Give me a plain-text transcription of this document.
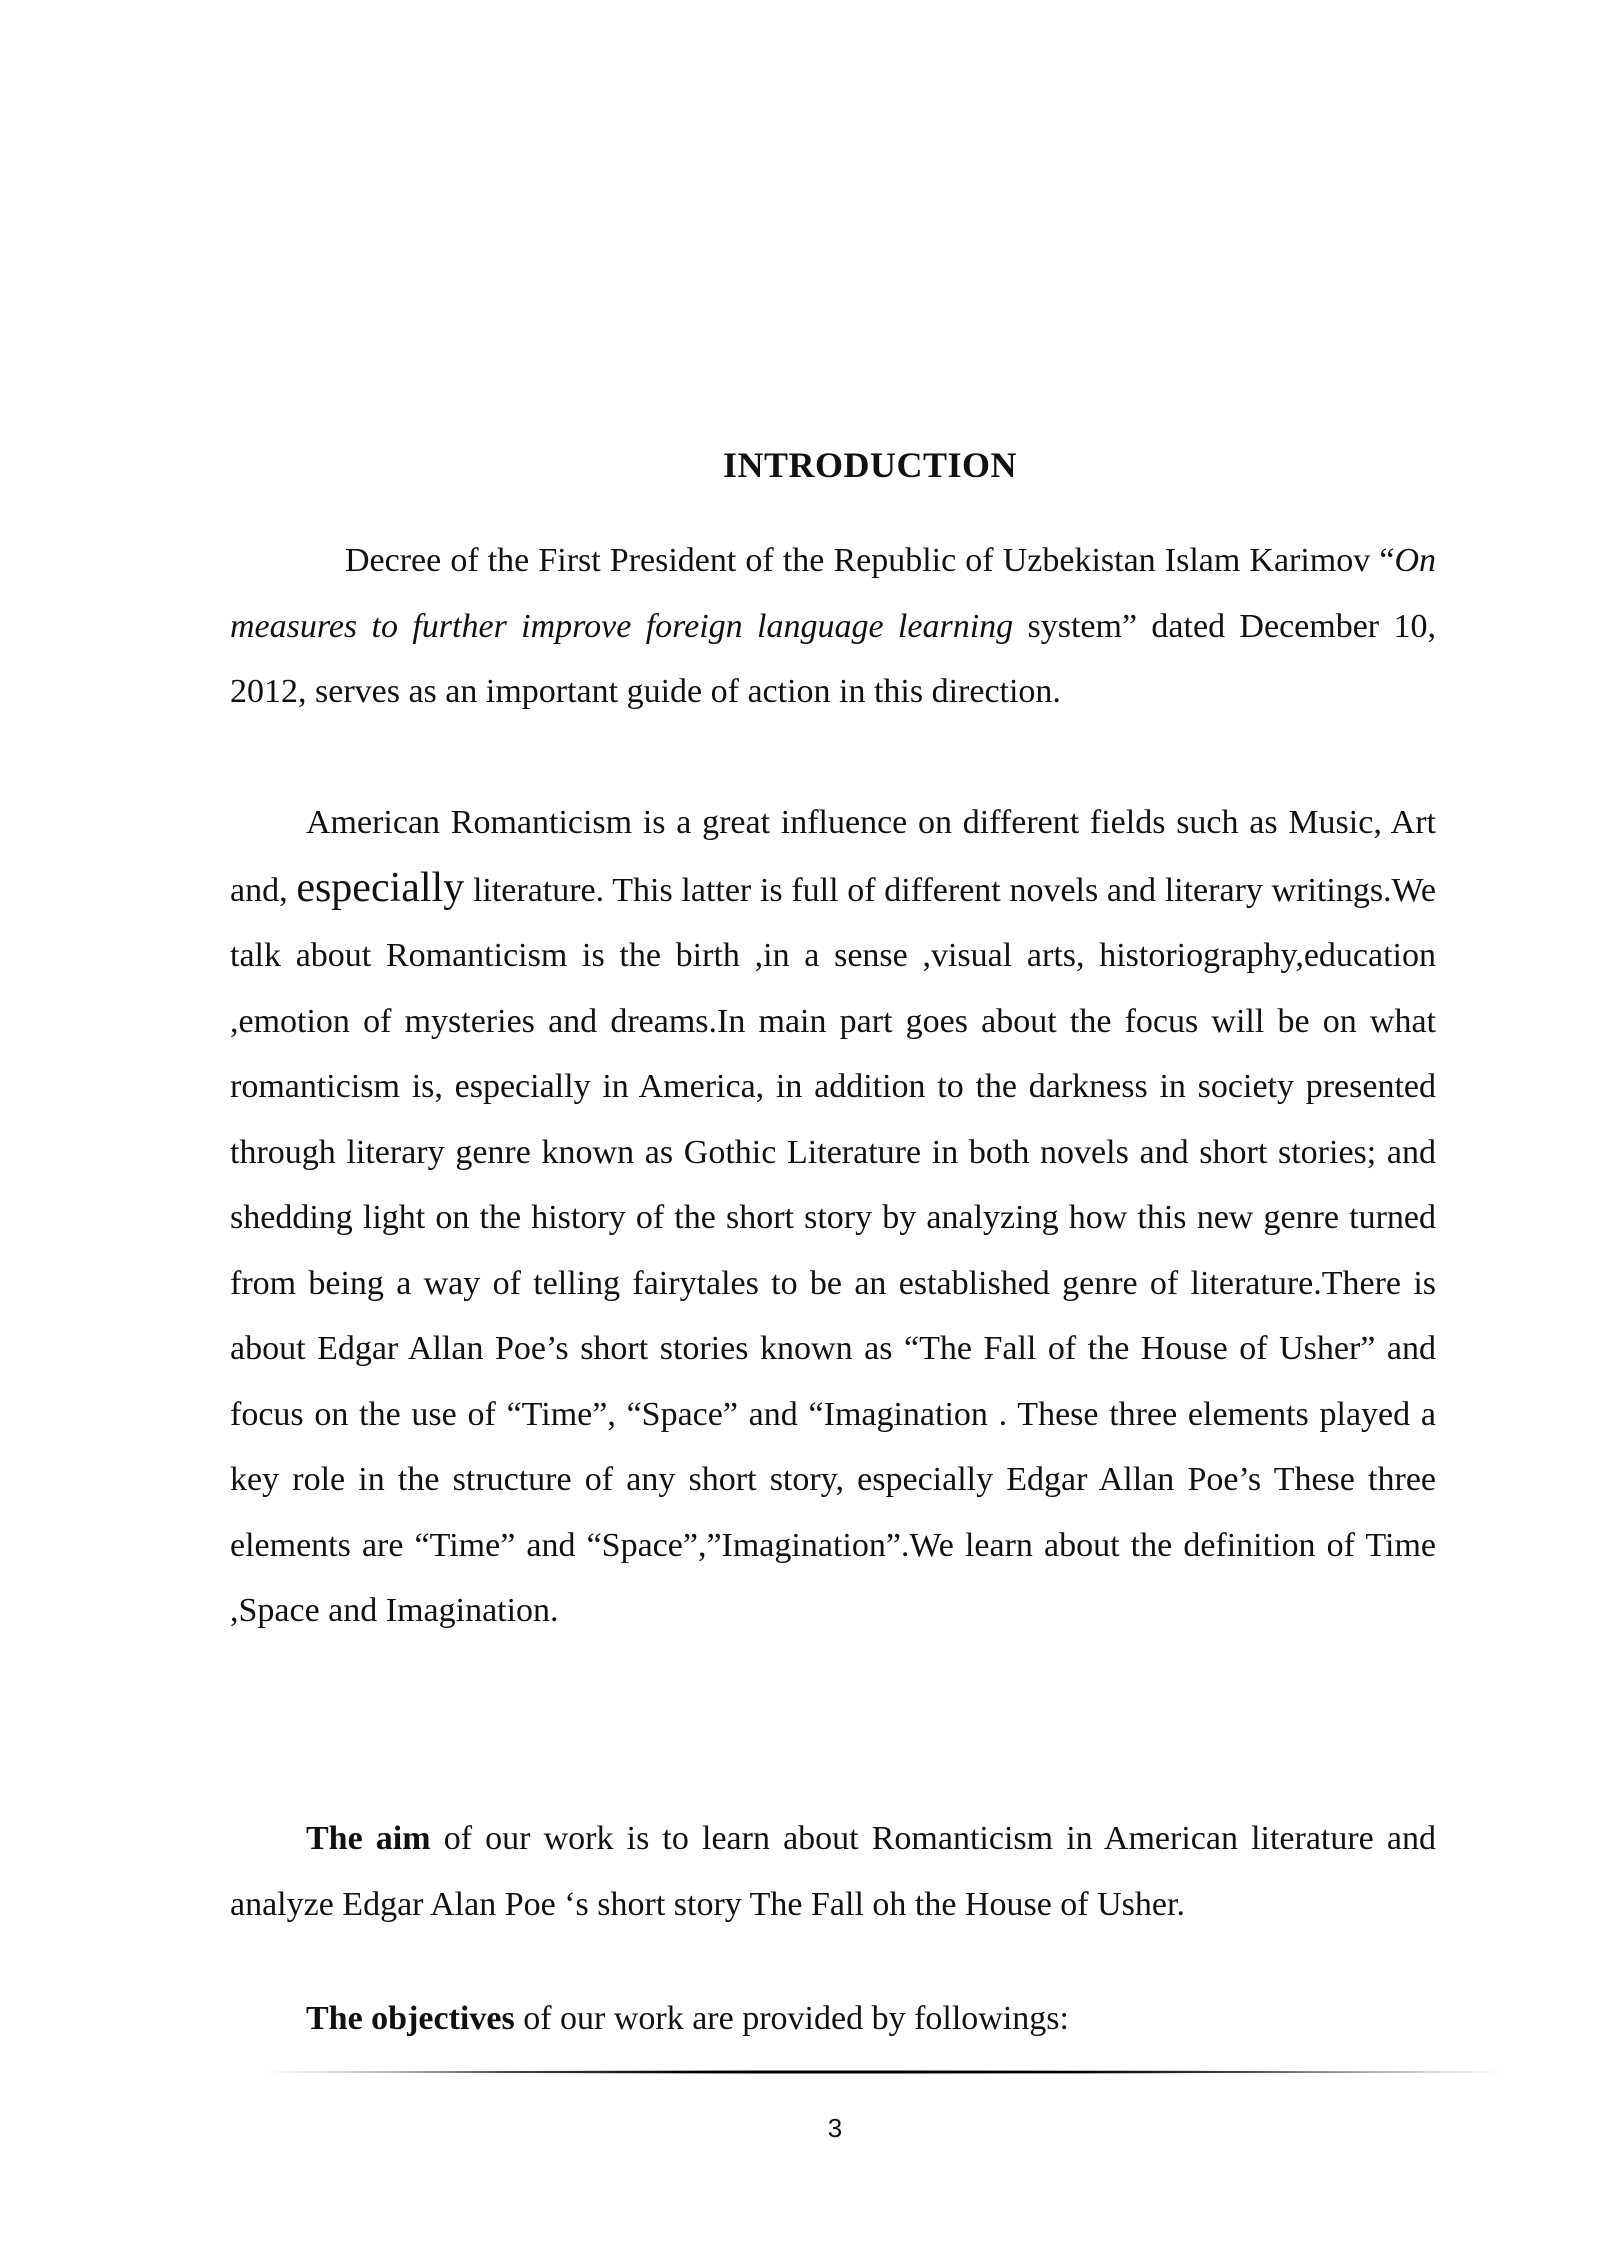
INTRODUCTION

Decree of the First President of the Republic of Uzbekistan Islam Karimov “On measures to further improve foreign language learning system” dated December 10, 2012, serves as an important guide of action in this direction.

American Romanticism is a great influence on different fields such as Music, Art and, especially literature. This latter is full of different novels and literary writings.We talk about Romanticism is the birth ,in a sense ,visual arts, historiography,education ,emotion of mysteries and dreams.In main part goes about the focus will be on what romanticism is, especially in America, in addition to the darkness in society presented through literary genre known as Gothic Literature in both novels and short stories; and shedding light on the history of the short story by analyzing how this new genre turned from being a way of telling fairytales to be an established genre of literature.There is about Edgar Allan Poe’s short stories known as “The Fall of the House of Usher” and focus on the use of “Time”, “Space” and “Imagination . These three elements played a key role in the structure of any short story, especially Edgar Allan Poe’s These three elements are “Time” and “Space”,”Imagination”.We learn about the definition of Time ,Space and Imagination.

The aim of our work is to learn about Romanticism in American literature and analyze Edgar Alan Poe ‘s short story The Fall oh the House of Usher.

The objectives of our work are provided by followings:

3
